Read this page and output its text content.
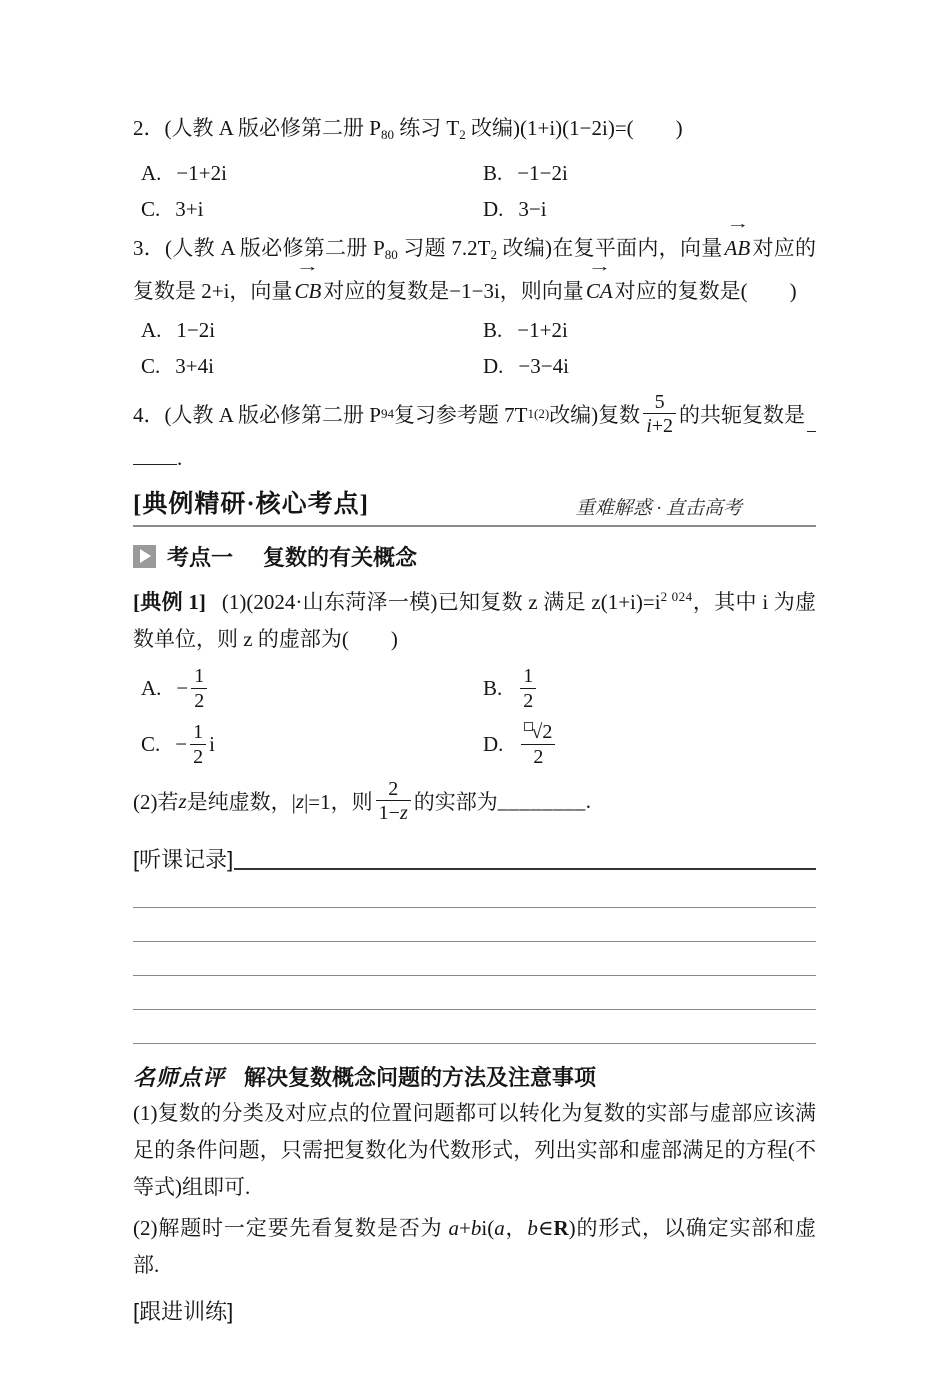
2．(人教 A 版必修第二册 $P_{80}$ 练习 $T_2$ 改编)(1+i)(1−2i)=(　　)

A. −1+2i	B. −1−2i
C. 3+i	D. 3−i

3．(人教 A 版必修第二册 $P_{80}$ 习题 $7.2T_2$ 改编)在复平面内，向量
→
AB对应的复数是 2+i，向量
→
CB对应的复数是−1−3i，则向量
→
CA对应的复数是(　　)

A. 1−2i	B. −1+2i
C. 3+4i	D. −3−4i
4．(人教 A 版必修第二册 P 94 复习参考题 7T 1(2) 改编)复数 $\frac{5}{i+2}$ 的共轭复数是
.
[典例精研·核心考点]	重难解惑 · 直击高考
考点一 复数的有关概念

[典例 1] (1)(2024·山东菏泽一模)已知复数 z 满足 $z(1+i)=i^{2 024}$，其中 i 为虚数单位，则 z 的虚部为(　　)

A. − $\frac{1}{2}$	B. $\frac{1}{2}$
C. − $\frac{1}{2}$ i	D. $\frac{√2}{2}$
(2)若 z 是纯虚数，| z |=1，则 $\frac{2}{1-z}$ 的实部为 ________ .
[听课记录]
名师点评 解决复数概念问题的方法及注意事项

(1)复数的分类及对应点的位置问题都可以转化为复数的实部与虚部应该满足的条件问题，只需把复数化为代数形式，列出实部和虚部满足的方程(不等式)组即可.

(2)解题时一定要先看复数是否为 a+bi(a，b∈R)的形式，以确定实部和虚部.

[跟进训练]
